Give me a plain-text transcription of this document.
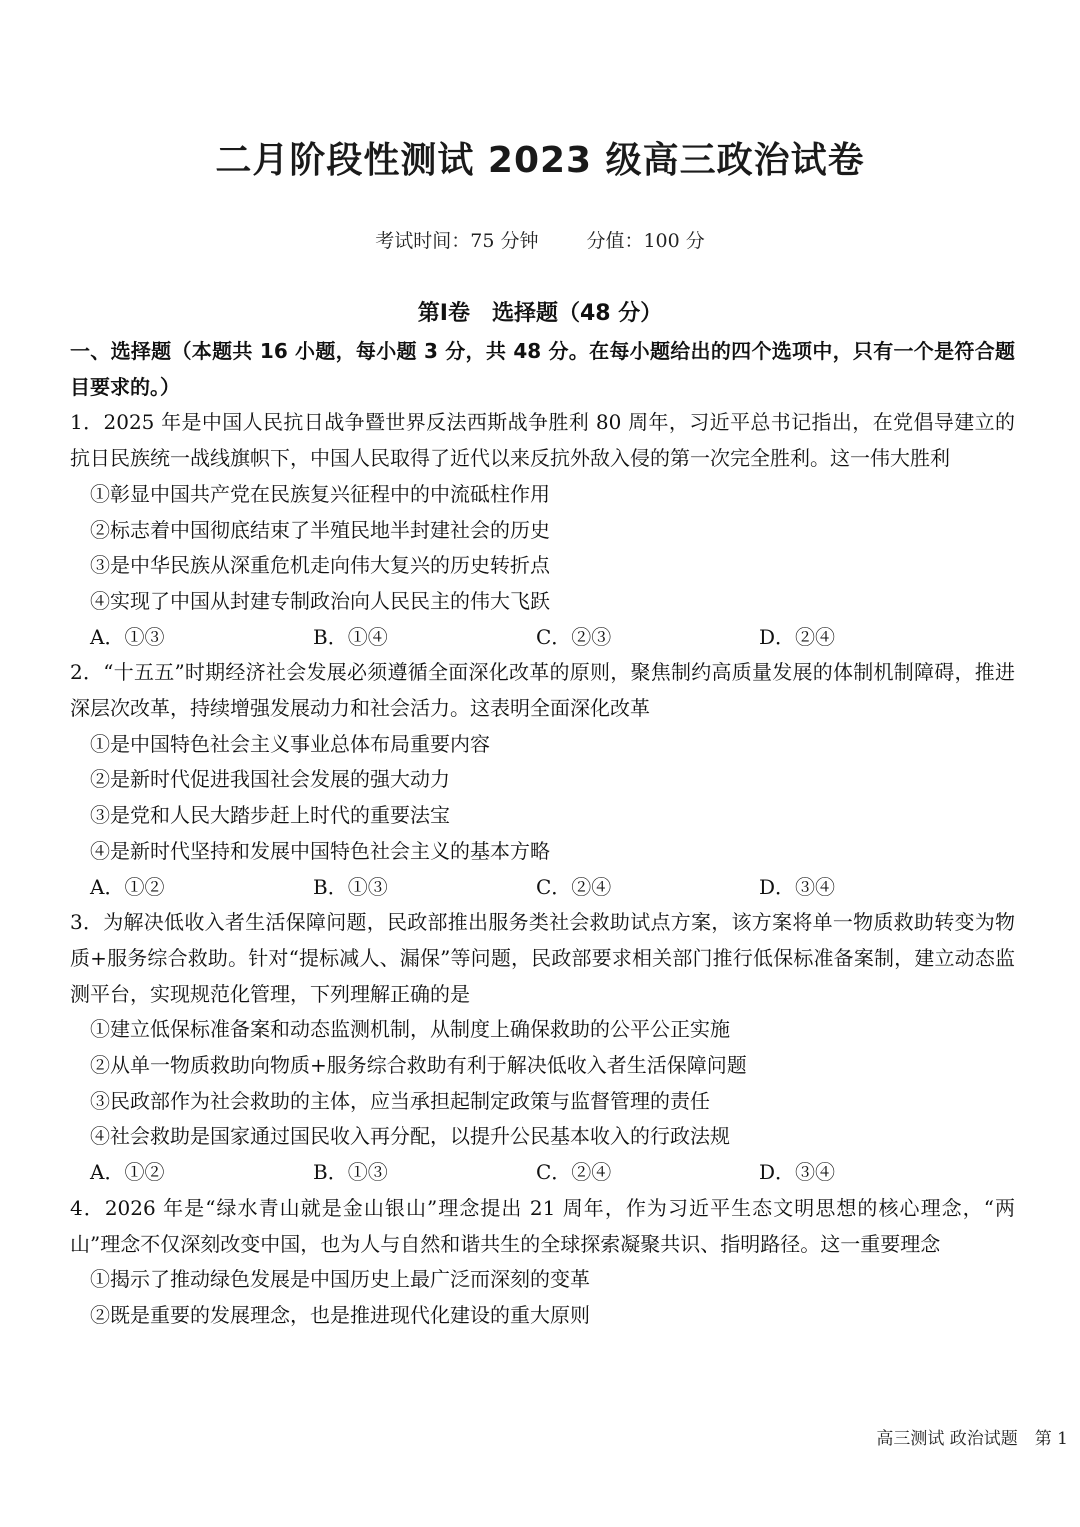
二月阶段性测试 2023 级高三政治试卷
考试时间：75 分钟	分值：100 分
第Ⅰ卷　选择题（48 分）

一、选择题（本题共 16 小题，每小题 3 分，共 48 分。在每小题给出的四个选项中，只有一个是符合题目要求的。）

1．2025 年是中国人民抗日战争暨世界反法西斯战争胜利 80 周年，习近平总书记指出，在党倡导建立的抗日民族统一战线旗帜下，中国人民取得了近代以来反抗外敌入侵的第一次完全胜利。这一伟大胜利

①彰显中国共产党在民族复兴征程中的中流砥柱作用
②标志着中国彻底结束了半殖民地半封建社会的历史
③是中华民族从深重危机走向伟大复兴的历史转折点
④实现了中国从封建专制政治向人民民主的伟大飞跃
A．①③	B．①④	C．②③	D．②④

2．“十五五”时期经济社会发展必须遵循全面深化改革的原则，聚焦制约高质量发展的体制机制障碍，推进深层次改革，持续增强发展动力和社会活力。这表明全面深化改革

①是中国特色社会主义事业总体布局重要内容
②是新时代促进我国社会发展的强大动力
③是党和人民大踏步赶上时代的重要法宝
④是新时代坚持和发展中国特色社会主义的基本方略
A．①②	B．①③	C．②④	D．③④

3．为解决低收入者生活保障问题，民政部推出服务类社会救助试点方案，该方案将单一物质救助转变为物质+服务综合救助。针对“提标减人、漏保”等问题，民政部要求相关部门推行低保标准备案制，建立动态监测平台，实现规范化管理，下列理解正确的是

①建立低保标准备案和动态监测机制，从制度上确保救助的公平公正实施
②从单一物质救助向物质+服务综合救助有利于解决低收入者生活保障问题
③民政部作为社会救助的主体，应当承担起制定政策与监督管理的责任
④社会救助是国家通过国民收入再分配，以提升公民基本收入的行政法规
A．①②	B．①③	C．②④	D．③④

4．2026 年是“绿水青山就是金山银山”理念提出 21 周年，作为习近平生态文明思想的核心理念，“两山”理念不仅深刻改变中国，也为人与自然和谐共生的全球探索凝聚共识、指明路径。这一重要理念

①揭示了推动绿色发展是中国历史上最广泛而深刻的变革
②既是重要的发展理念，也是推进现代化建设的重大原则
高三测试 政治试题　第 1
